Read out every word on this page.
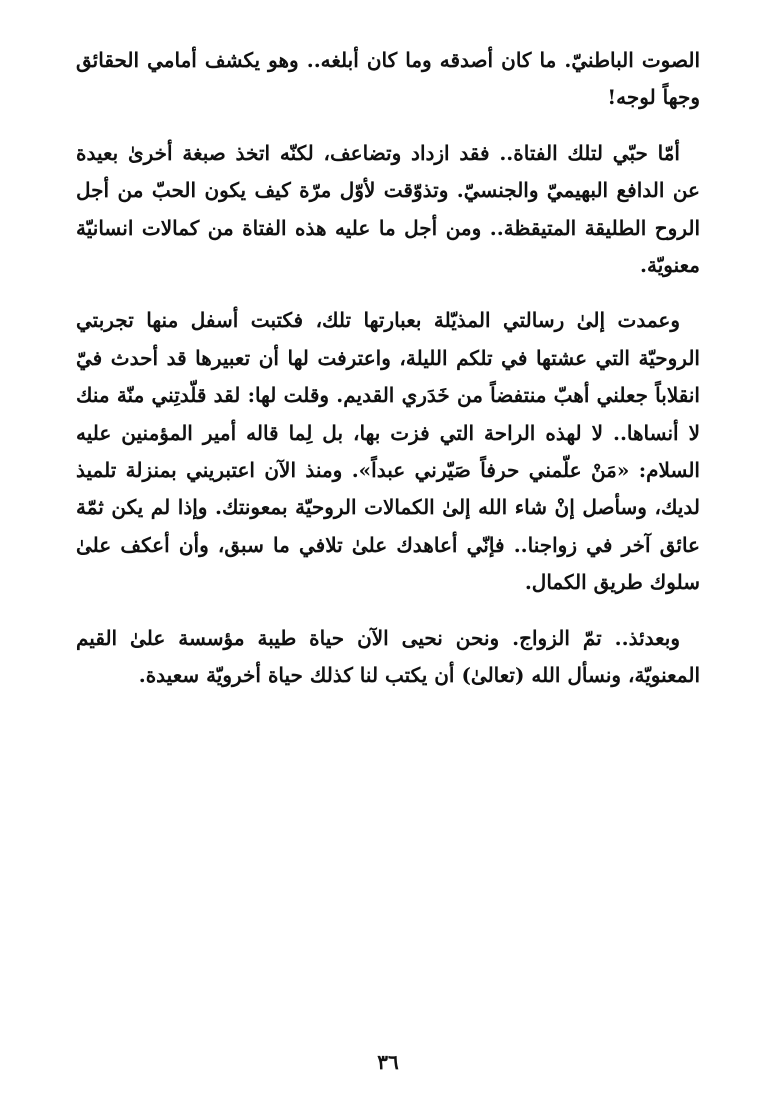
الصوت الباطنيّ. ما كان أصدقه وما كان أبلغه.. وهو يكشف أمامي الحقائق وجهاً لوجه!

أمّا حبّي لتلك الفتاة.. فقد ازداد وتضاعف، لكنّه اتخذ صبغة أخرىٰ بعيدة عن الدافع البهيميّ والجنسيّ. وتذوّقت لأوّل مرّة كيف يكون الحبّ من أجل الروح الطليقة المتيقظة.. ومن أجل ما عليه هذه الفتاة من كمالات انسانيّة معنويّة.

وعمدت إلىٰ رسالتي المذيّلة بعبارتها تلك، فكتبت أسفل منها تجربتي الروحيّة التي عشتها في تلكم الليلة، واعترفت لها أن تعبيرها قد أحدث فيّ انقلاباً جعلني أهبّ منتفضاً من خَدَري القديم. وقلت لها: لقد قلّدتِني منّة منك لا أنساها.. لا لهذه الراحة التي فزت بها، بل لِما قاله أمير المؤمنين عليه السلام: «مَنْ علّمني حرفاً صَيّرني عبداً». ومنذ الآن اعتبريني بمنزلة تلميذ لديك، وسأصل إنْ شاء الله إلىٰ الكمالات الروحيّة بمعونتك. وإذا لم يكن ثمّة عائق آخر في زواجنا.. فإنّي أعاهدك علىٰ تلافي ما سبق، وأن أعكف علىٰ سلوك طريق الكمال.

وبعدئذ.. تمّ الزواج. ونحن نحيى الآن حياة طيبة مؤسسة علىٰ القيم المعنويّة، ونسأل الله (تعالىٰ) أن يكتب لنا كذلك حياة أخرويّة سعيدة.

٣٦
